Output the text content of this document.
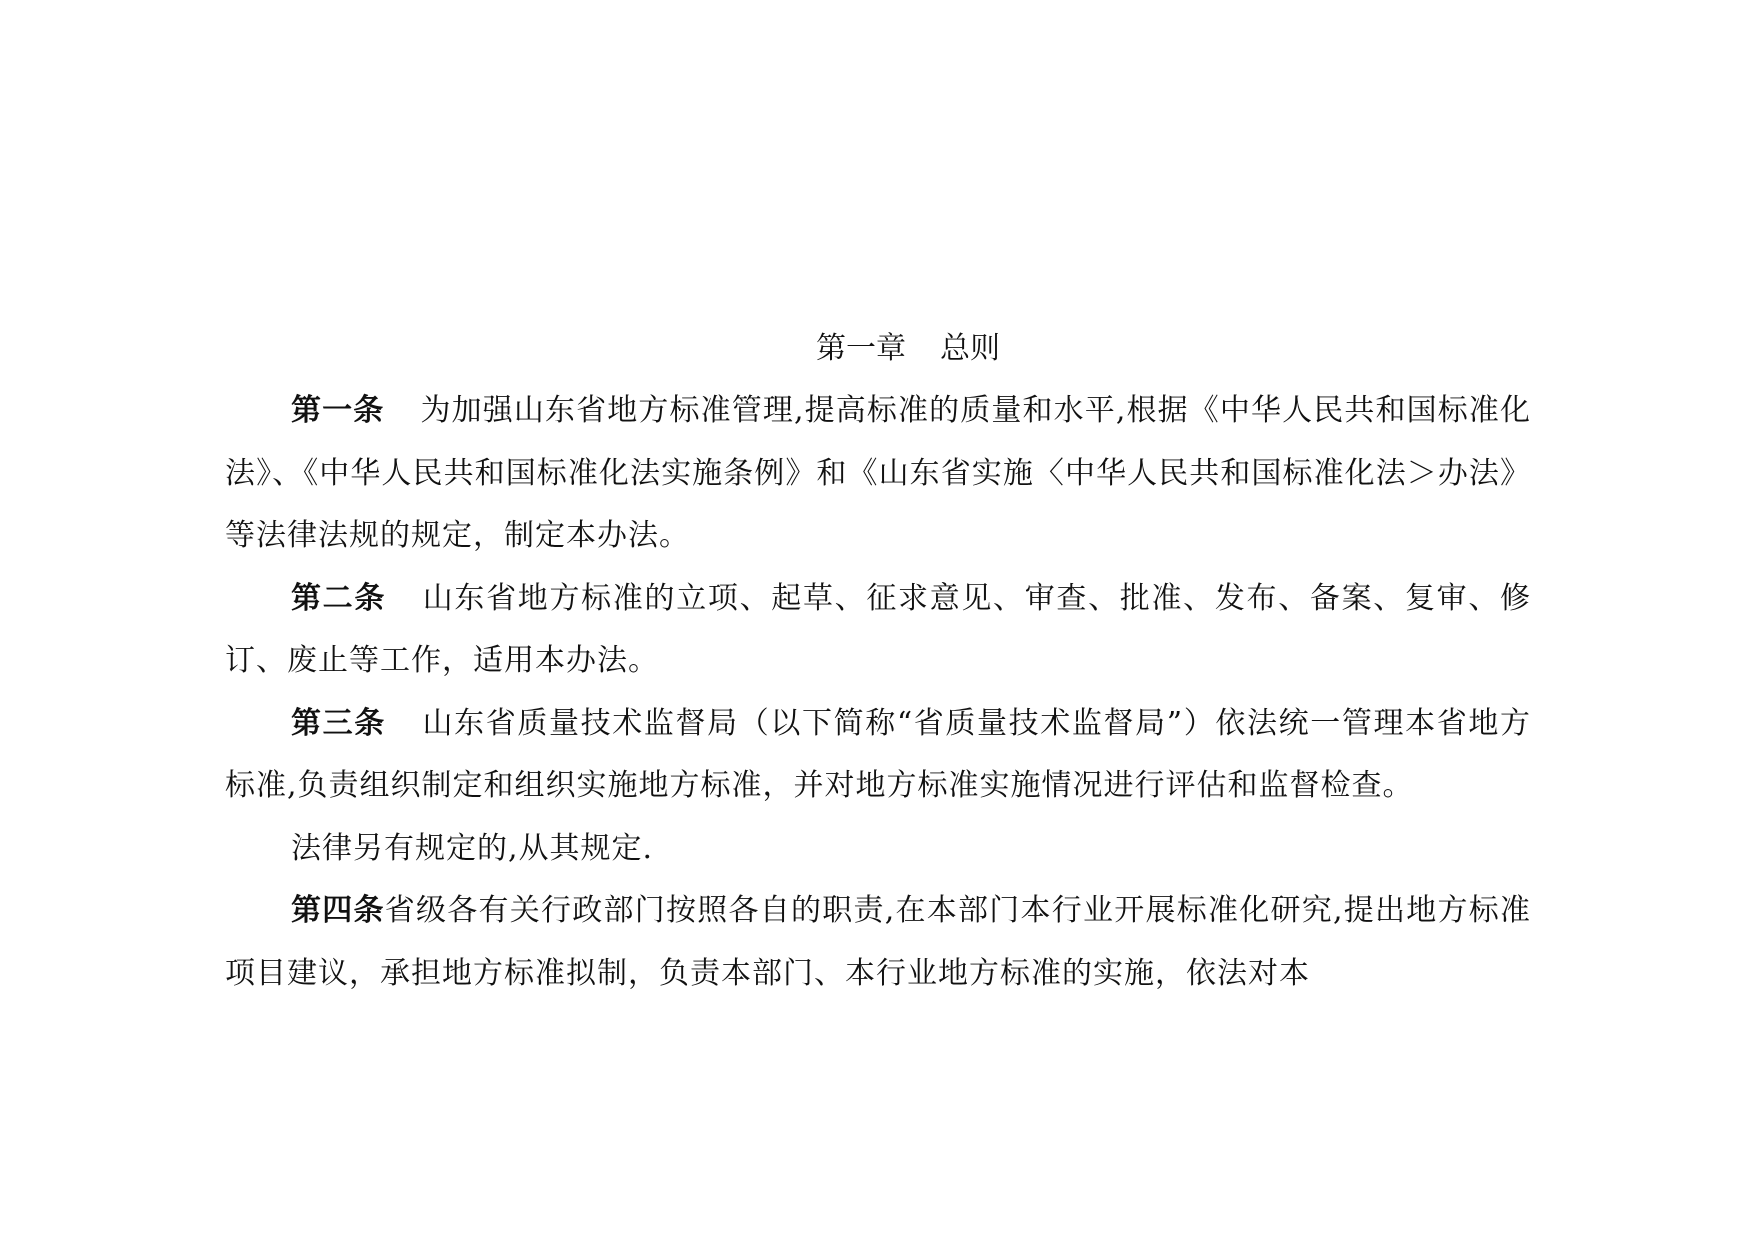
第一章 总则

第一条 为加强山东省地方标准管理,提高标准的质量和水平,根据《中华人民共和国标准化法》、《中华人民共和国标准化法实施条例》和《山东省实施〈中华人民共和国标准化法＞办法》等法律法规的规定，制定本办法。

第二条 山东省地方标准的立项、起草、征求意见、审查、批准、发布、备案、复审、修订、废止等工作，适用本办法。

第三条 山东省质量技术监督局（以下简称“省质量技术监督局”）依法统一管理本省地方标准,负责组织制定和组织实施地方标准，并对地方标准实施情况进行评估和监督检查。

法律另有规定的,从其规定.

第四条省级各有关行政部门按照各自的职责,在本部门本行业开展标准化研究,提出地方标准项目建议，承担地方标准拟制，负责本部门、本行业地方标准的实施，依法对本
